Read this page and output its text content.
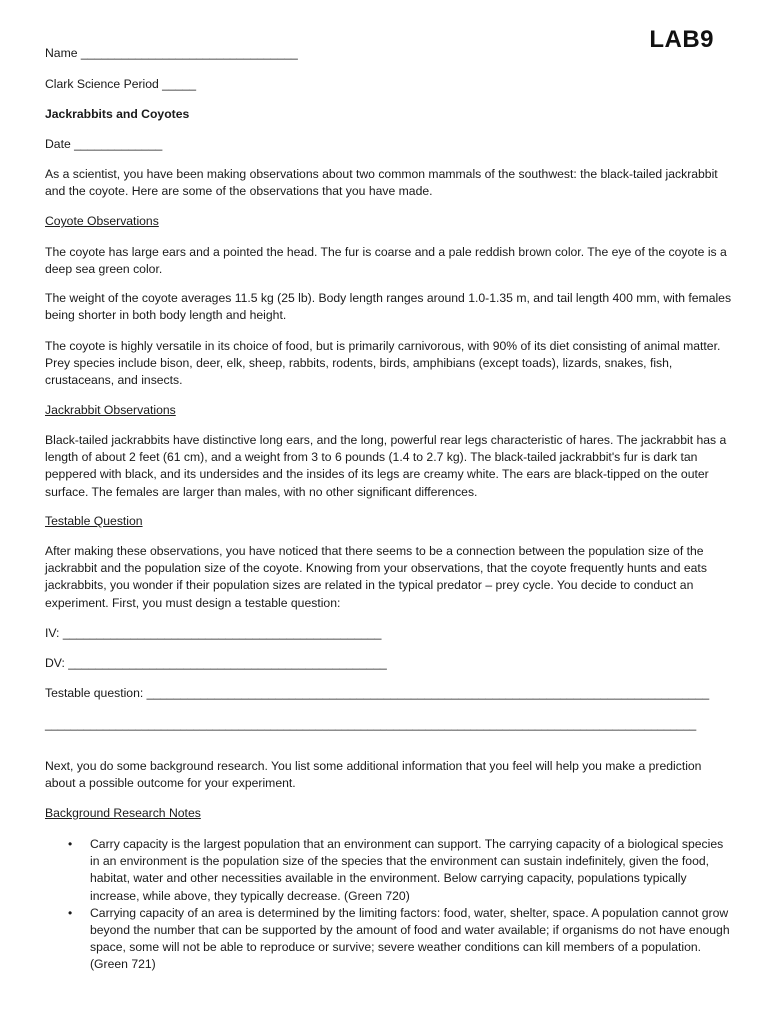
LAB9

Name ________________________________

Clark Science Period _____

Jackrabbits and Coyotes

Date _____________

As a scientist, you have been making observations about two common mammals of the southwest: the black-tailed jackrabbit and the coyote. Here are some of the observations that you have made.

Coyote Observations

The coyote has large ears and a pointed the head. The fur is coarse and a pale reddish brown color. The eye of the coyote is a deep sea green color.

The weight of the coyote averages 11.5 kg (25 lb). Body length ranges around 1.0-1.35 m, and tail length 400 mm, with females being shorter in both body length and height.

The coyote is highly versatile in its choice of food, but is primarily carnivorous, with 90% of its diet consisting of animal matter. Prey species include bison, deer, elk, sheep, rabbits, rodents, birds, amphibians (except toads), lizards, snakes, fish, crustaceans, and insects.

Jackrabbit Observations

Black-tailed jackrabbits have distinctive long ears, and the long, powerful rear legs characteristic of hares. The jackrabbit has a length of about 2 feet (61 cm), and a weight from 3 to 6 pounds (1.4 to 2.7 kg). The black-tailed jackrabbit's fur is dark tan peppered with black, and its undersides and the insides of its legs are creamy white. The ears are black-tipped on the outer surface. The females are larger than males, with no other significant differences.

Testable Question

After making these observations, you have noticed that there seems to be a connection between the population size of the jackrabbit and the population size of the coyote. Knowing from your observations, that the coyote frequently hunts and eats jackrabbits, you wonder if their population sizes are related in the typical predator – prey cycle. You decide to conduct an experiment. First, you must design a testable question:

IV: _______________________________________________

DV: _______________________________________________

Testable question: ___________________________________________________________________________________

_____________________________________________________________________________________________________

Next, you do some background research. You list some additional information that you feel will help you make a prediction about a possible outcome for your experiment.

Background Research Notes

• Carry capacity is the largest population that an environment can support. The carrying capacity of a biological species in an environment is the population size of the species that the environment can sustain indefinitely, given the food, habitat, water and other necessities available in the environment. Below carrying capacity, populations typically increase, while above, they typically decrease. (Green 720)
• Carrying capacity of an area is determined by the limiting factors: food, water, shelter, space. A population cannot grow beyond the number that can be supported by the amount of food and water available; if organisms do not have enough space, some will not be able to reproduce or survive; severe weather conditions can kill members of a population. (Green 721)
